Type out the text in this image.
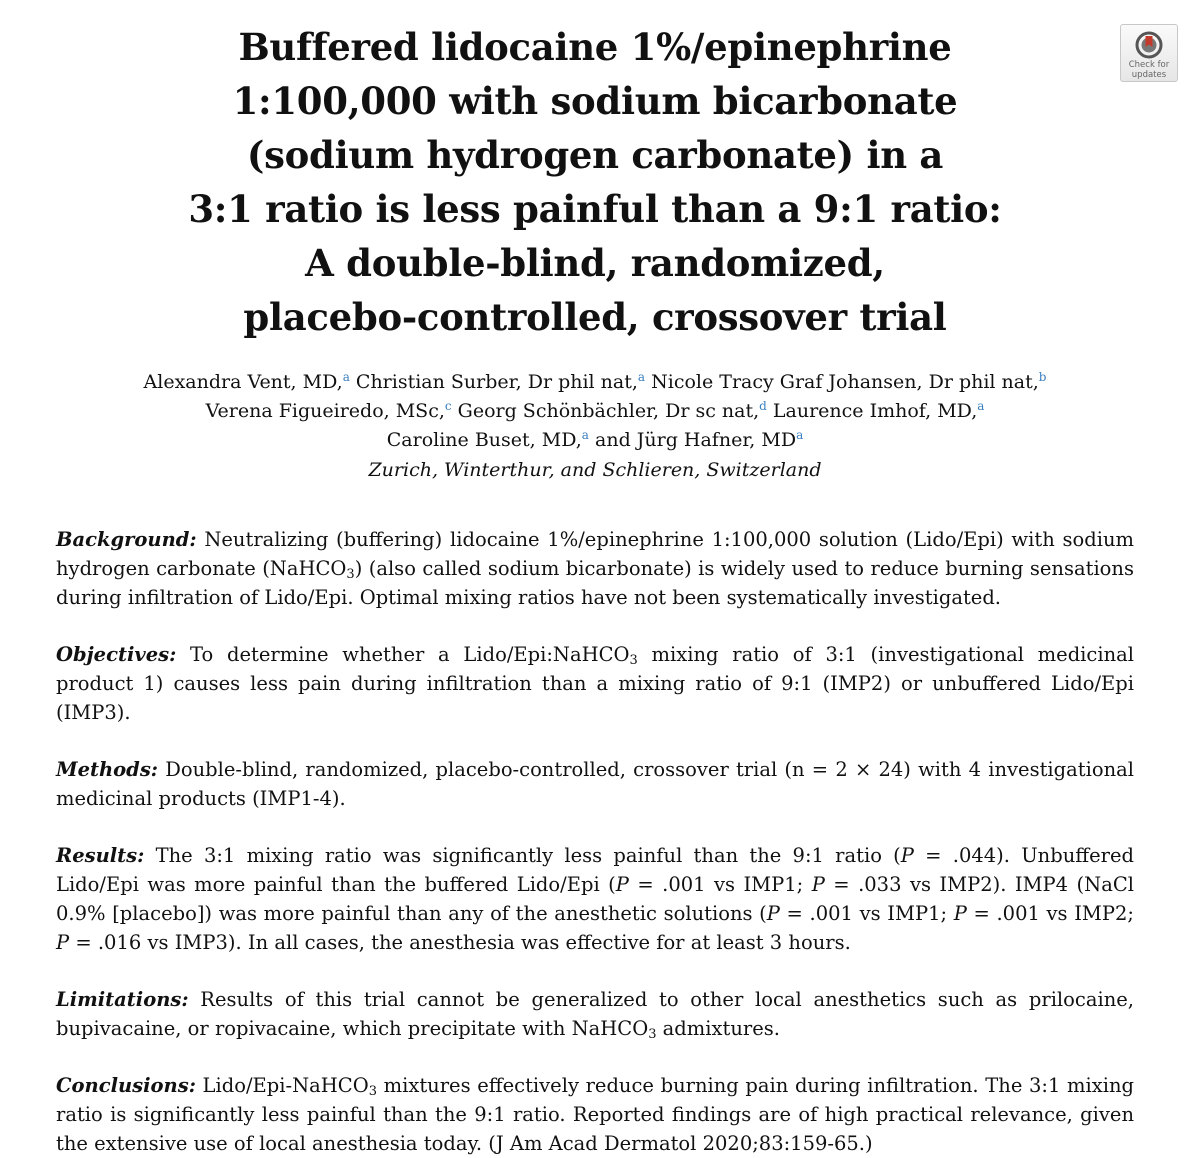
Buffered lidocaine 1%/epinephrine
1:100,000 with sodium bicarbonate
(sodium hydrogen carbonate) in a
3:1 ratio is less painful than a 9:1 ratio:
A double-blind, randomized,
placebo-controlled, crossover trial
Check for
updates
Alexandra Vent, MD,$^a$ Christian Surber, Dr phil nat,$^a$ Nicole Tracy Graf Johansen, Dr phil nat,$^b$
Verena Figueiredo, MSc,$^c$ Georg Schönbächler, Dr sc nat,$^d$ Laurence Imhof, MD,$^a$
Caroline Buset, MD,$^a$ and Jürg Hafner, $MD^a$
Zurich, Winterthur, and Schlieren, Switzerland

Background: Neutralizing (buffering) lidocaine 1%/epinephrine 1:100,000 solution (Lido/Epi) with sodium hydrogen carbonate (NaHCO$_3$) (also called sodium bicarbonate) is widely used to reduce burning sensations during infiltration of Lido/Epi. Optimal mixing ratios have not been systematically investigated.

Objectives: To determine whether a Lido/Epi:NaHCO$_3$ mixing ratio of 3:1 (investigational medicinal product 1) causes less pain during infiltration than a mixing ratio of 9:1 (IMP2) or unbuffered Lido/Epi (IMP3).

Methods: Double-blind, randomized, placebo-controlled, crossover trial (n = 2 × 24) with 4 investigational medicinal products (IMP1-4).

Results: The 3:1 mixing ratio was significantly less painful than the 9:1 ratio (P = .044). Unbuffered Lido/Epi was more painful than the buffered Lido/Epi (P = .001 vs IMP1; P = .033 vs IMP2). IMP4 (NaCl 0.9% [placebo]) was more painful than any of the anesthetic solutions (P = .001 vs IMP1; P = .001 vs IMP2; P = .016 vs IMP3). In all cases, the anesthesia was effective for at least 3 hours.

Limitations: Results of this trial cannot be generalized to other local anesthetics such as prilocaine, bupivacaine, or ropivacaine, which precipitate with NaHCO$_3$ admixtures.

Conclusions: Lido/Epi-NaHCO$_3$ mixtures effectively reduce burning pain during infiltration. The 3:1 mixing ratio is significantly less painful than the 9:1 ratio. Reported findings are of high practical relevance, given the extensive use of local anesthesia today. (J Am Acad Dermatol 2020;83:159-65.)
